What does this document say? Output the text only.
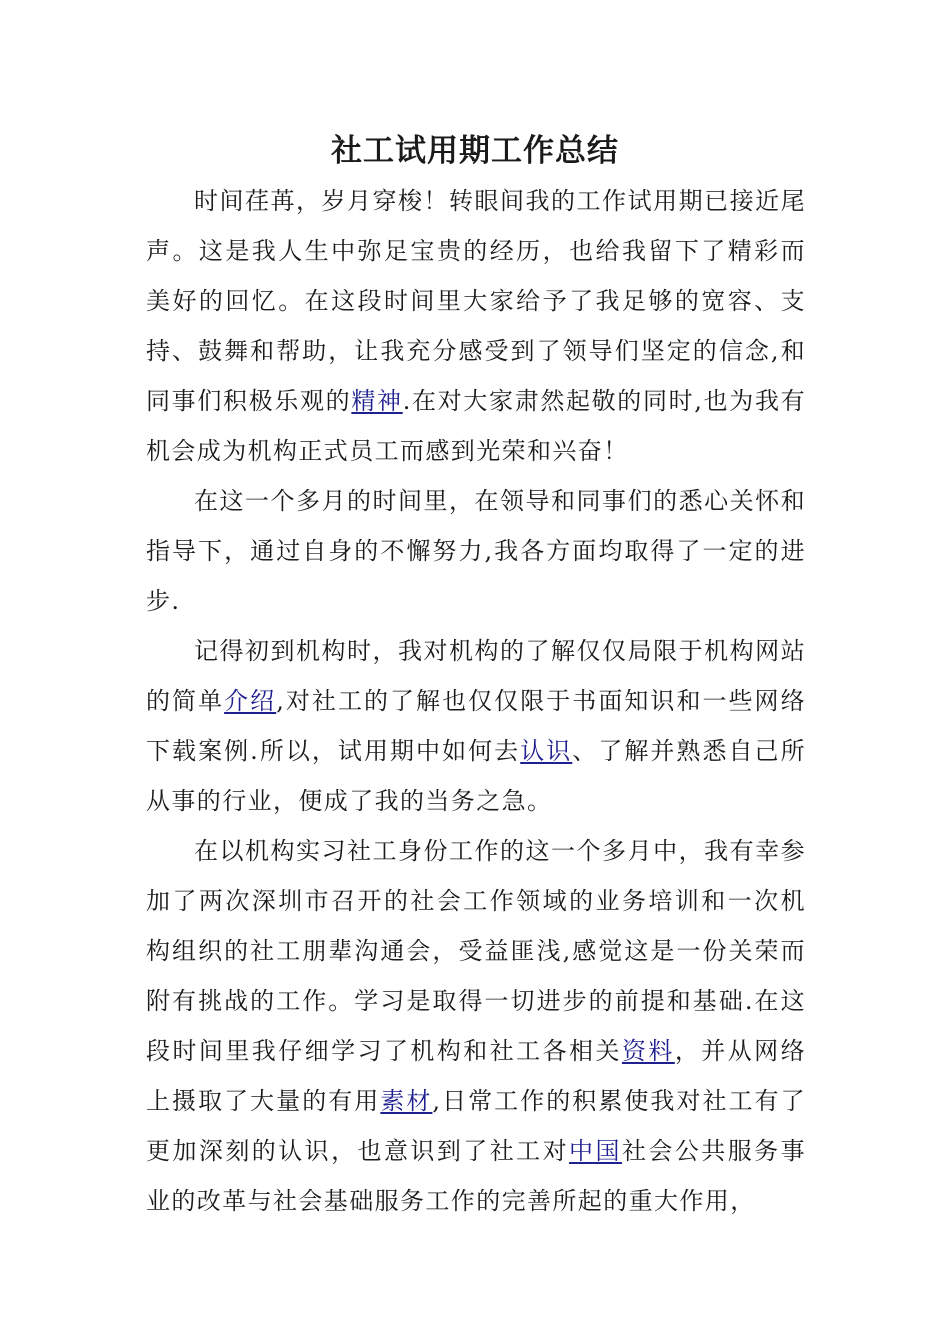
社工试用期工作总结

时间荏苒，岁月穿梭！转眼间我的工作试用期已接近尾声。这是我人生中弥足宝贵的经历，也给我留下了精彩而美好的回忆。在这段时间里大家给予了我足够的宽容、支持、鼓舞和帮助，让我充分感受到了领导们坚定的信念,和同事们积极乐观的精神.在对大家肃然起敬的同时,也为我有机会成为机构正式员工而感到光荣和兴奋！

在这一个多月的时间里，在领导和同事们的悉心关怀和指导下，通过自身的不懈努力,我各方面均取得了一定的进步.

记得初到机构时，我对机构的了解仅仅局限于机构网站的简单介绍,对社工的了解也仅仅限于书面知识和一些网络下载案例.所以，试用期中如何去认识、了解并熟悉自己所从事的行业，便成了我的当务之急。

在以机构实习社工身份工作的这一个多月中，我有幸参加了两次深圳市召开的社会工作领域的业务培训和一次机构组织的社工朋辈沟通会，受益匪浅,感觉这是一份关荣而附有挑战的工作。学习是取得一切进步的前提和基础.在这段时间里我仔细学习了机构和社工各相关资料，并从网络上摄取了大量的有用素材,日常工作的积累使我对社工有了更加深刻的认识，也意识到了社工对中国社会公共服务事业的改革与社会基础服务工作的完善所起的重大作用，
